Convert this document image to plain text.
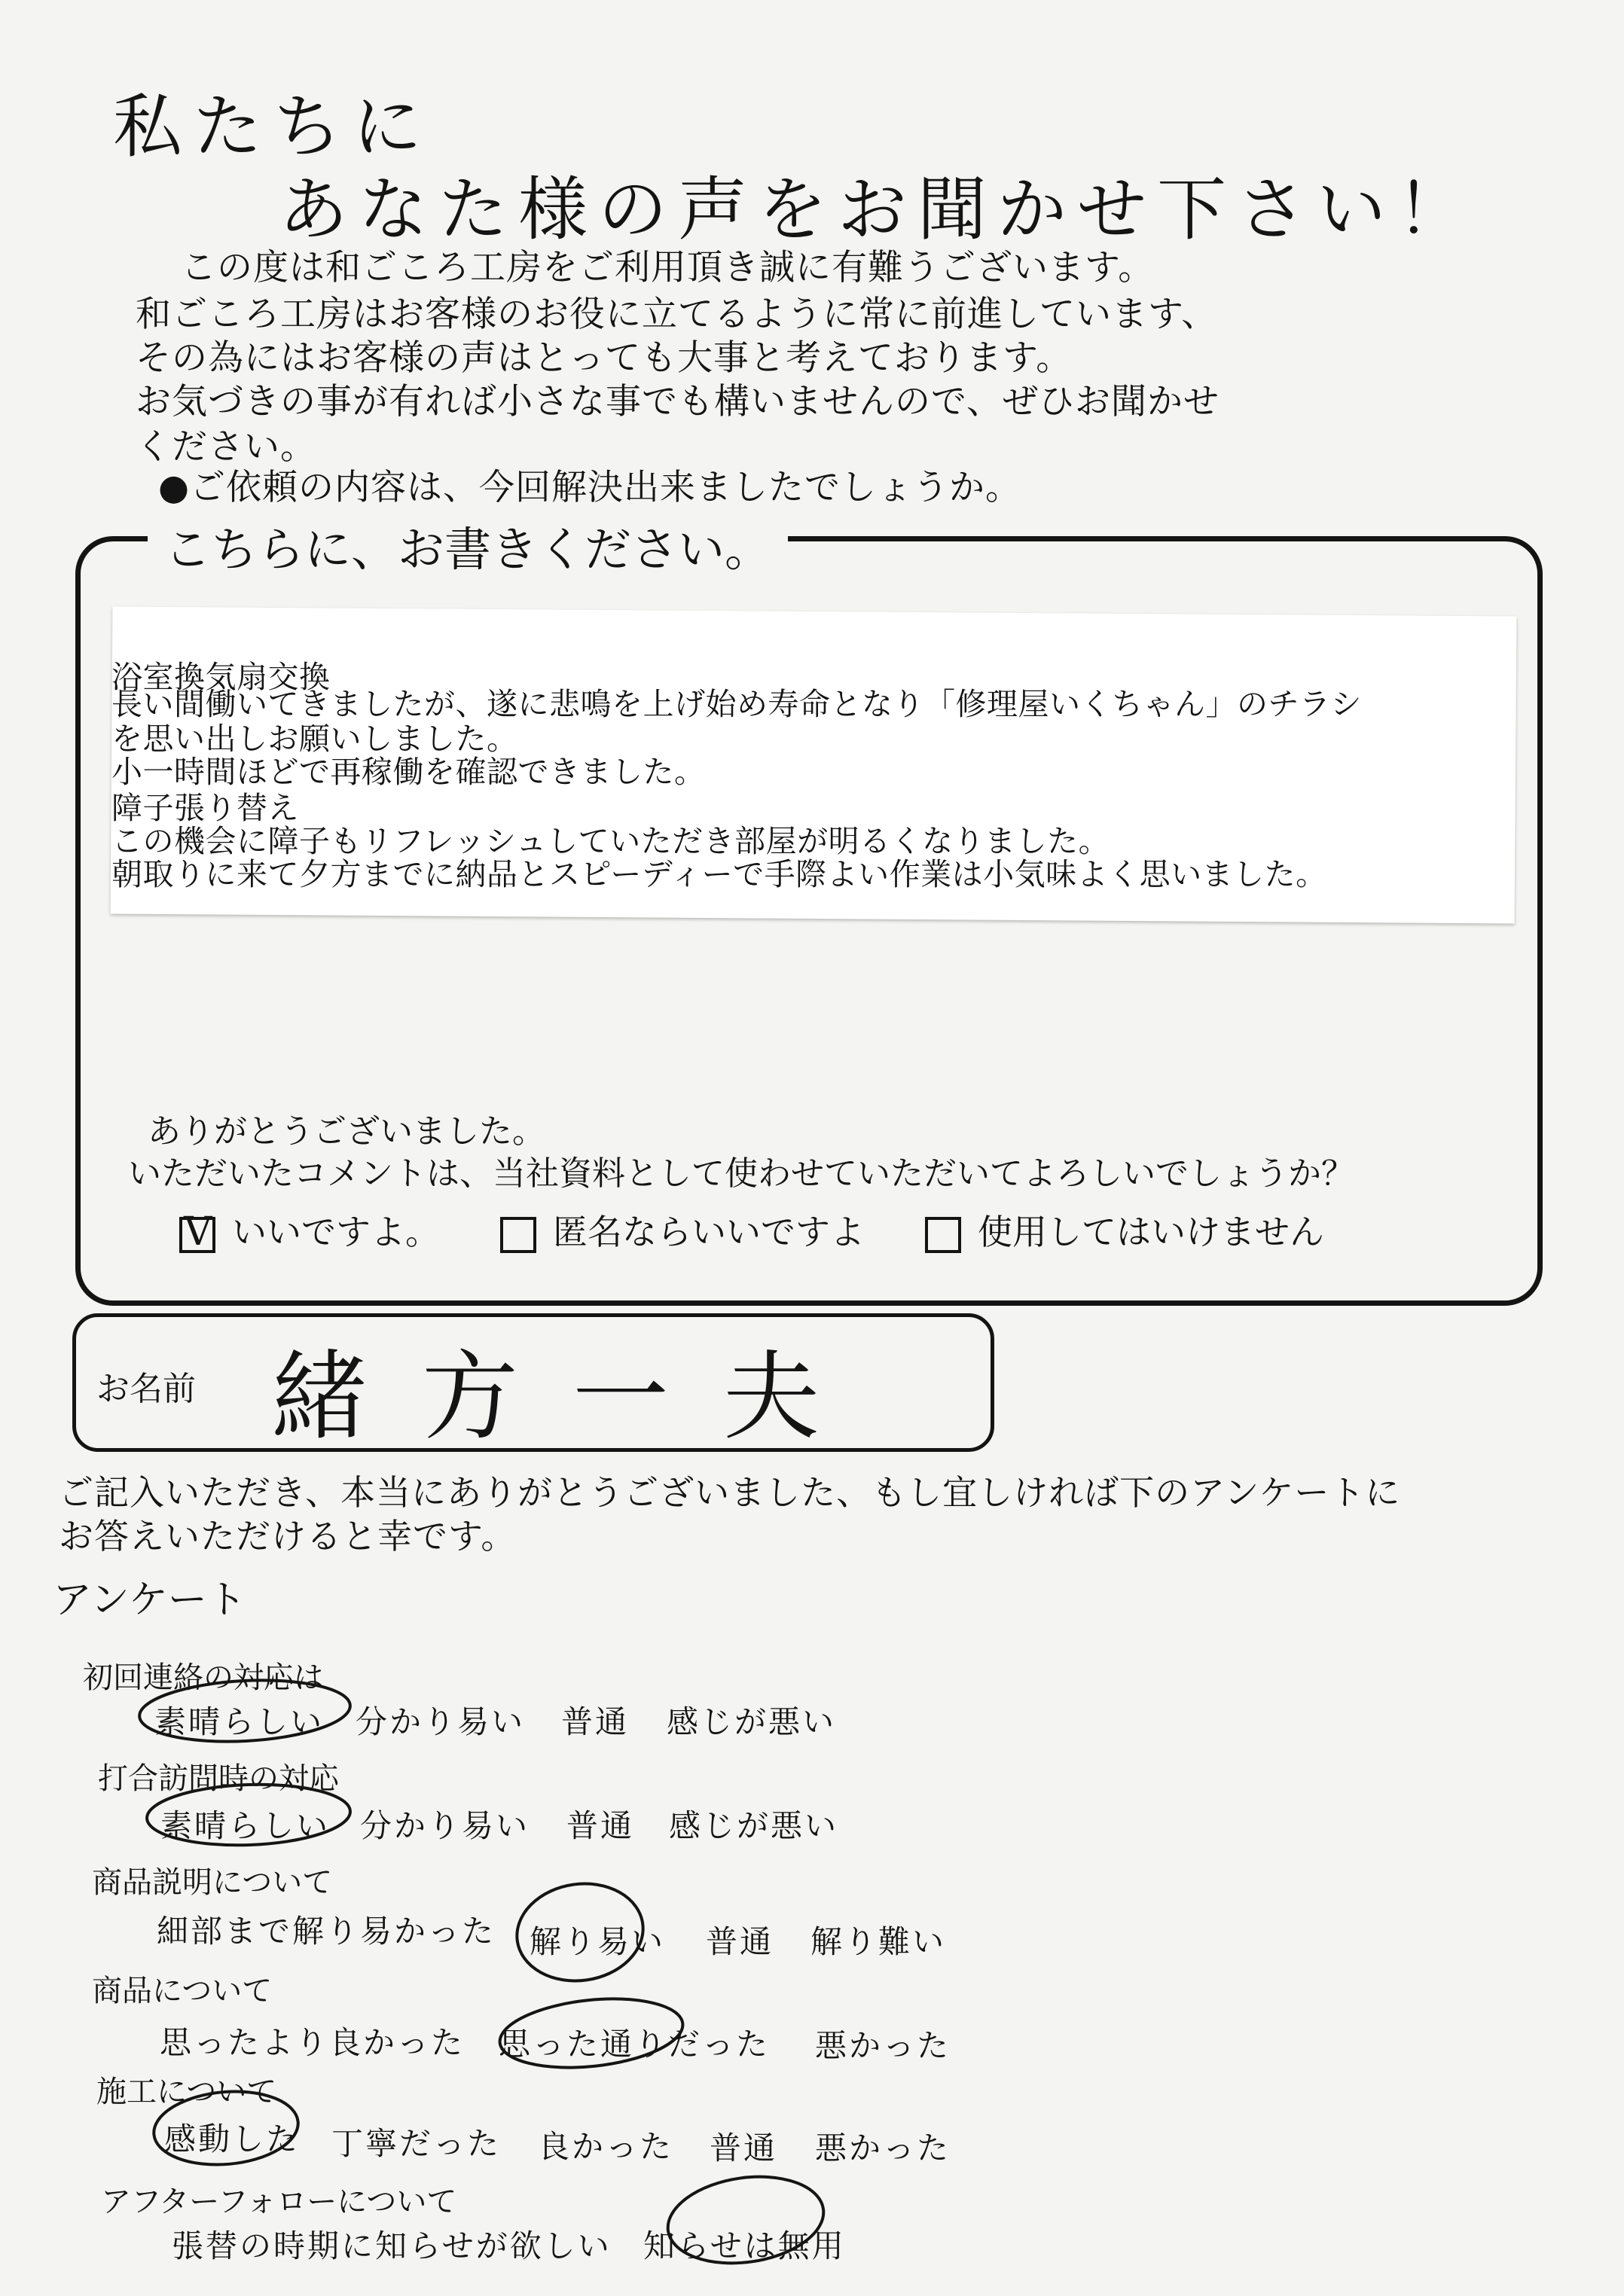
私たちに
あなた様の声をお聞かせ下さい！
この度は和ごころ工房をご利用頂き誠に有難うございます。
和ごころ工房はお客様のお役に立てるように常に前進しています、
その為にはお客様の声はとっても大事と考えております。
お気づきの事が有れば小さな事でも構いませんので、ぜひお聞かせ
ください。
●ご依頼の内容は、今回解決出来ましたでしょうか。
こちらに、お書きください。
浴室換気扇交換
長い間働いてきましたが、遂に悲鳴を上げ始め寿命となり「修理屋いくちゃん」のチラシ
を思い出しお願いしました。
小一時間ほどで再稼働を確認できました。
障子張り替え
この機会に障子もリフレッシュしていただき部屋が明るくなりました。
朝取りに来て夕方までに納品とスピーディーで手際よい作業は小気味よく思いました。
ありがとうございました。
いただいたコメントは、当社資料として使わせていただいてよろしいでしょうか？
V いいですよ。	匿名ならいいですよ	使用してはいけません
お名前 緒方一夫
ご記入いただき、本当にありがとうございました、もし宜しければ下のアンケートに
お答えいただけると幸です。
アンケート
初回連絡の対応は
素晴らしい 分かり易い 普通 感じが悪い
打合訪問時の対応
素晴らしい 分かり易い 普通 感じが悪い
商品説明について
細部まで解り易かった 解り易い 普通 解り難い
商品について
思ったより良かった 思った通りだった 悪かった
施工について
感動した 丁寧だった 良かった 普通 悪かった
アフターフォローについて
張替の時期に知らせが欲しい 知らせは無用
